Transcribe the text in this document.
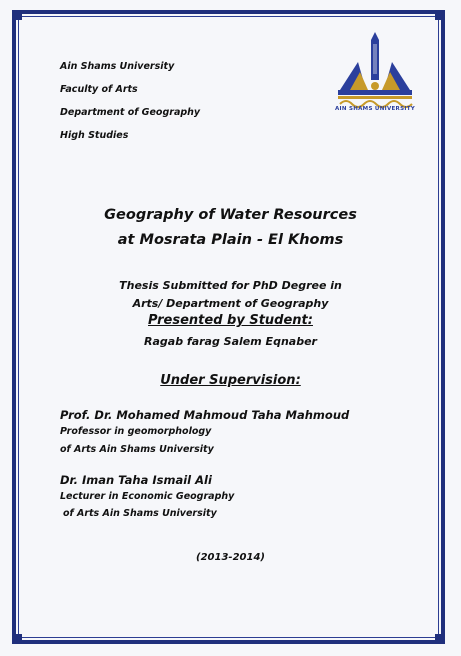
Ain Shams University
Faculty of Arts
Department of Geography
High Studies
AIN SHAMS UNIVERSITY
Geography of Water Resources
at Mosrata Plain - El Khoms
Thesis Submitted for PhD Degree in
Arts/ Department of Geography
Presented by Student:
Ragab farag Salem Eqnaber
Under Supervision:
Prof. Dr. Mohamed Mahmoud Taha Mahmoud
Professor in geomorphology
of Arts Ain Shams University
Dr. Iman Taha Ismail Ali
Lecturer in Economic Geography
of Arts Ain Shams University
(2013-2014)
